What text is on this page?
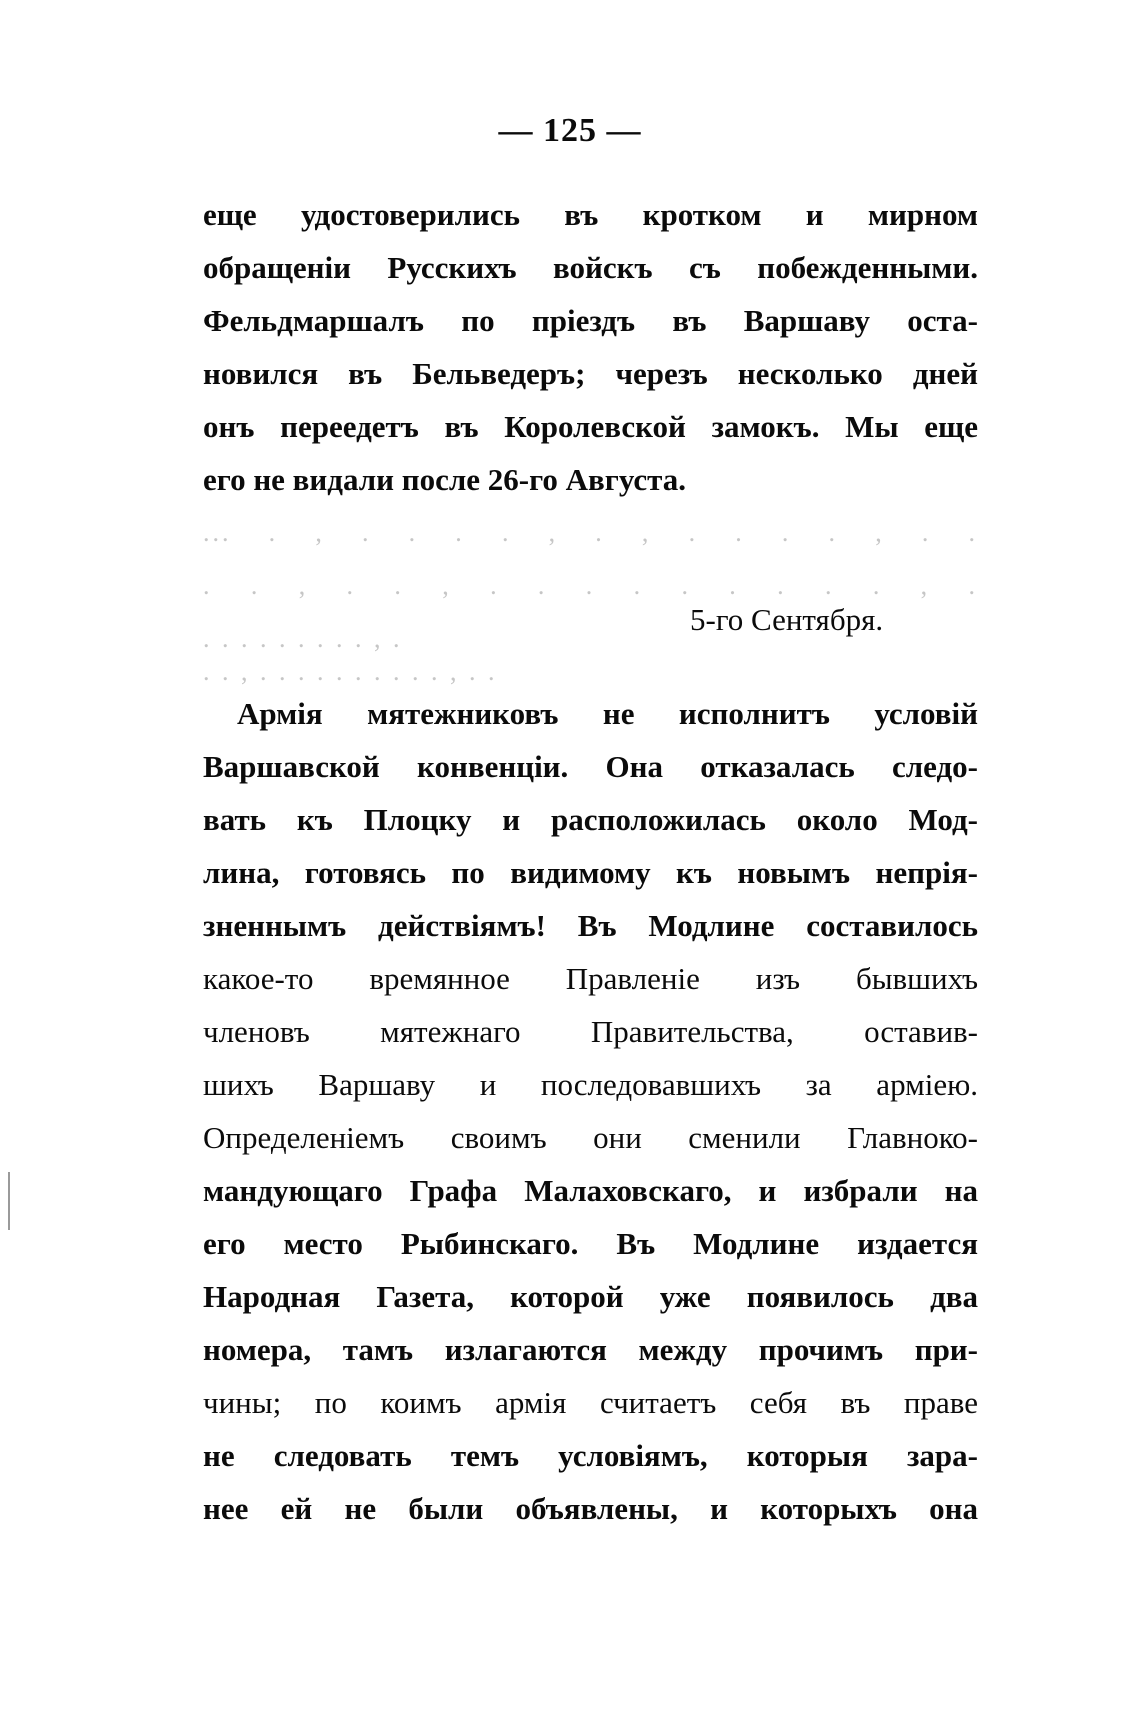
— 125 —
еще удостоверились въ кротком и мирном
обращенiи Русскихъ войскъ съ побежденными.
Фельдмаршалъ по прiездъ въ Варшаву оста-
новился въ Бельведеръ; черезъ несколько дней
онъ переедетъ въ Королевской замокъ. Мы еще
его не видали после 26-го Августа.
... . , . . . . , . , . . . . , . .
. . , . . , . . . . . . . . . , .
. . . . . . . . . , .
5-го Сентября.
. . , . . . . . . . . . . , . .
Армiя мятежниковъ не исполнитъ условiй
Варшавской конвенцiи. Она отказалась следо-
вать къ Плоцку и расположилась около Мод-
лина, готовясь по видимому къ новымъ непрiя-
зненнымъ действiямъ! Въ Модлине составилось
какое-то времянное Правленiе изъ бывшихъ
членовъ мятежнаго Правительства, оставив-
шихъ Варшаву и последовавшихъ за армiею.
Определенiемъ своимъ они сменили Главноко-
мандующаго Графа Малаховскаго, и избрали на
его место Рыбинскаго. Въ Модлине издается
Народная Газета, которой уже появилось два
номера, тамъ излагаются между прочимъ при-
чины; по коимъ армiя считаетъ себя въ праве
не следовать темъ условiямъ, которыя зара-
нее ей не были объявлены, и которыхъ она
